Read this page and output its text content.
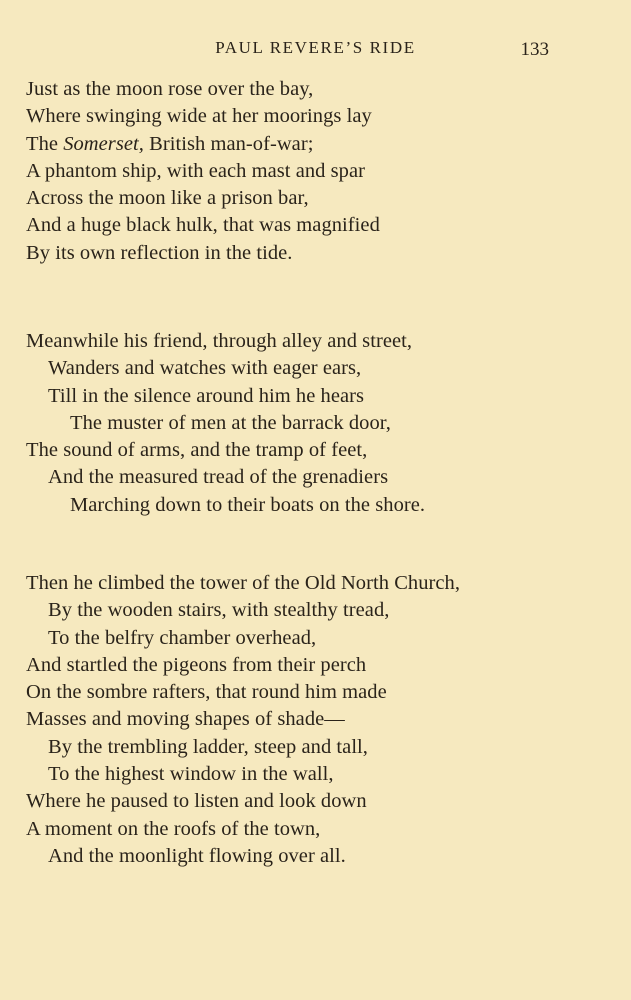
PAUL REVERE’S RIDE	133
Just as the moon rose over the bay,
Where swinging wide at her moorings lay
The Somerset, British man-of-war;
A phantom ship, with each mast and spar
Across the moon like a prison bar,
And a huge black hulk, that was magnified
By its own reflection in the tide.
Meanwhile his friend, through alley and street,
Wanders and watches with eager ears,
Till in the silence around him he hears
The muster of men at the barrack door,
The sound of arms, and the tramp of feet,
And the measured tread of the grenadiers
Marching down to their boats on the shore.
Then he climbed the tower of the Old North Church,
By the wooden stairs, with stealthy tread,
To the belfry chamber overhead,
And startled the pigeons from their perch
On the sombre rafters, that round him made
Masses and moving shapes of shade—
By the trembling ladder, steep and tall,
To the highest window in the wall,
Where he paused to listen and look down
A moment on the roofs of the town,
And the moonlight flowing over all.
